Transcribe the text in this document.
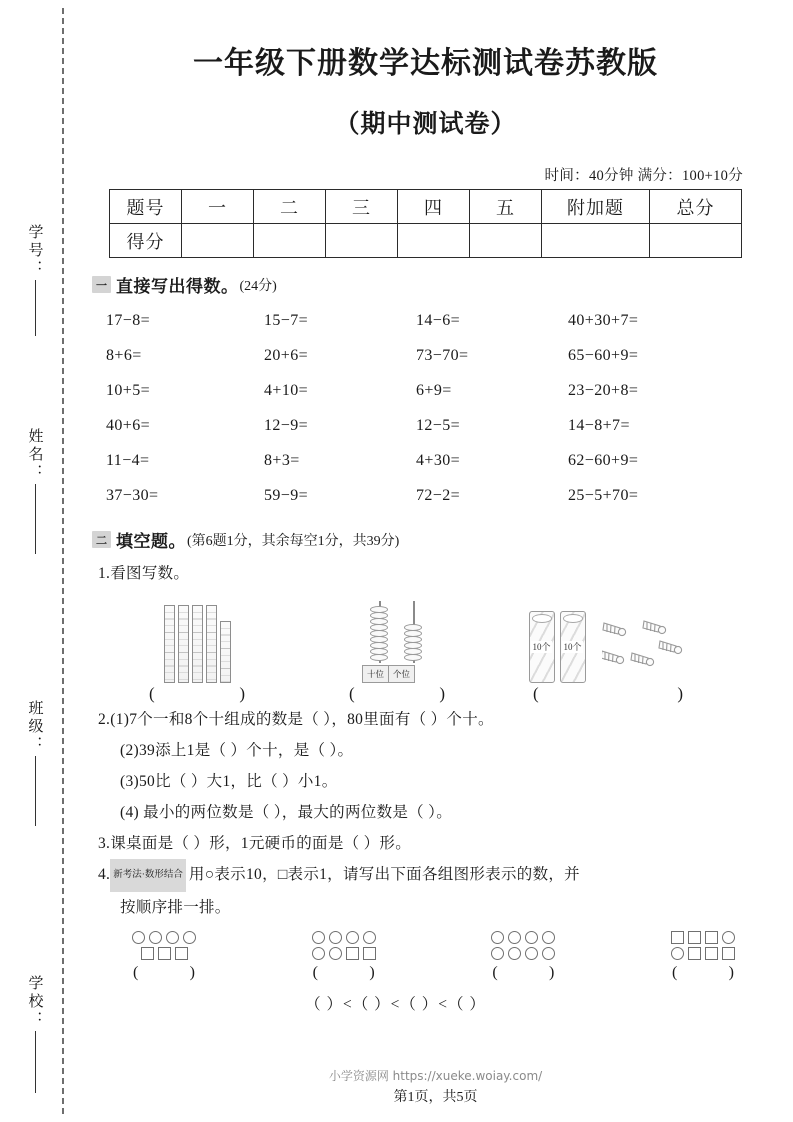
学号：
姓名：
班级：
学校：
一年级下册数学达标测试卷苏教版
（期中测试卷）
时间：40分钟 满分：100+10分
题号	一	二	三	四	五	附加题	总分
得分							
一 直接写出得数。 (24分)
17−8=	15−7=	14−6=	40+30+7=
8+6=	20+6=	73−70=	65−60+9=
10+5=	4+10=	6+9=	23−20+8=
40+6=	12−9=	12−5=	14−8+7=
11−4=	8+3=	4+30=	62−60+9=
37−30=	59−9=	72−2=	25−5+70=
二 填空题。 (第6题1分，其余每空1分，共39分)
1.看图写数。
(	)
十位	个位
(	)
10个 10个
(	)
2.(1)7个一和8个十组成的数是（ ），80里面有（ ）个十。
(2)39添上1是（ ）个十，是（ ）。
(3)50比（ ）大1，比（ ）小1。
(4) 最小的两位数是（ ），最大的两位数是（ ）。
3.课桌面是（ ）形，1元硬币的面是（ ）形。
4. 新考法·数形结合 用○表示10，□表示1，请写出下面各组图形表示的数，并
按顺序排一排。
(	)	(	)	(	)	(	)
（ ）<（ ）<（ ）<（ ）
小学资源网 https://xueke.woiay.com/
第1页，共5页
